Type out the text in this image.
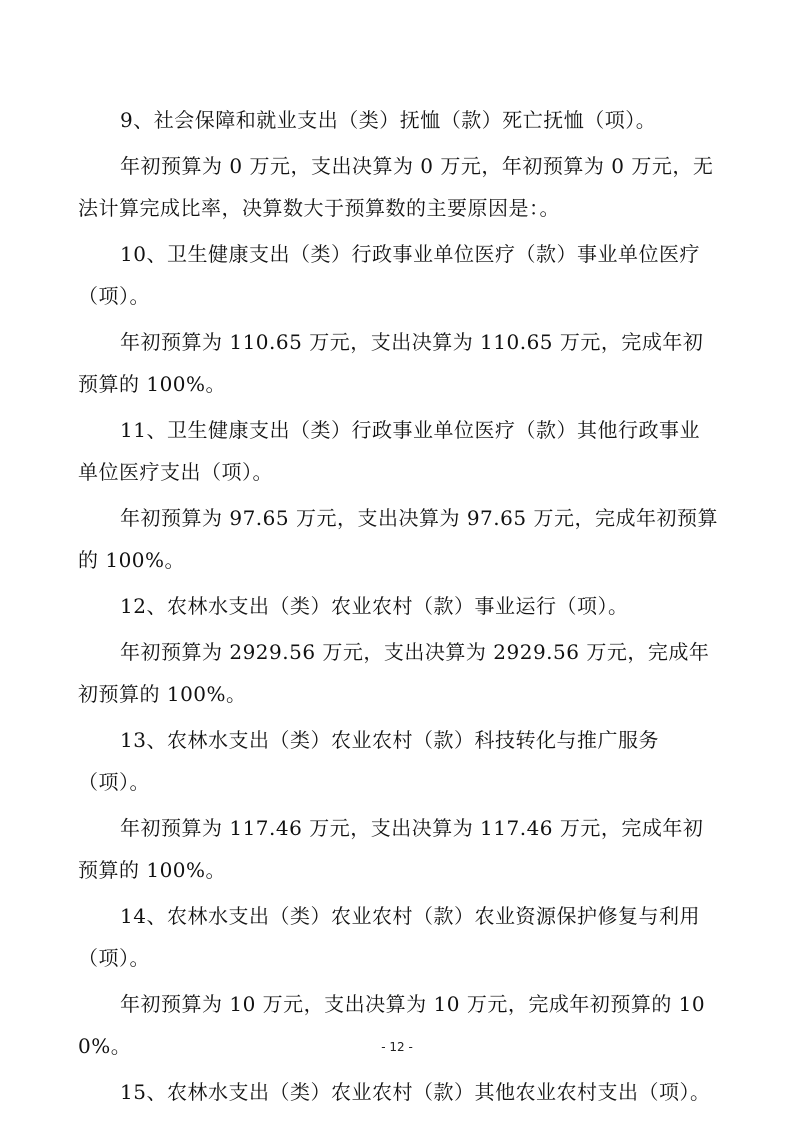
9、社会保障和就业支出（类）抚恤（款）死亡抚恤（项）。

年初预算为 0 万元，支出决算为 0 万元，年初预算为 0 万元，无法计算完成比率，决算数大于预算数的主要原因是：。

10、卫生健康支出（类）行政事业单位医疗（款）事业单位医疗（项）。

年初预算为 110.65 万元，支出决算为 110.65 万元，完成年初预算的 100%。

11、卫生健康支出（类）行政事业单位医疗（款）其他行政事业单位医疗支出（项）。

年初预算为 97.65 万元，支出决算为 97.65 万元，完成年初预算的 100%。

12、农林水支出（类）农业农村（款）事业运行（项）。

年初预算为 2929.56 万元，支出决算为 2929.56 万元，完成年初预算的 100%。

13、农林水支出（类）农业农村（款）科技转化与推广服务（项）。

年初预算为 117.46 万元，支出决算为 117.46 万元，完成年初预算的 100%。

14、农林水支出（类）农业农村（款）农业资源保护修复与利用（项）。

年初预算为 10 万元，支出决算为 10 万元，完成年初预算的 100%。

15、农林水支出（类）农业农村（款）其他农业农村支出（项）。

- 12 -
